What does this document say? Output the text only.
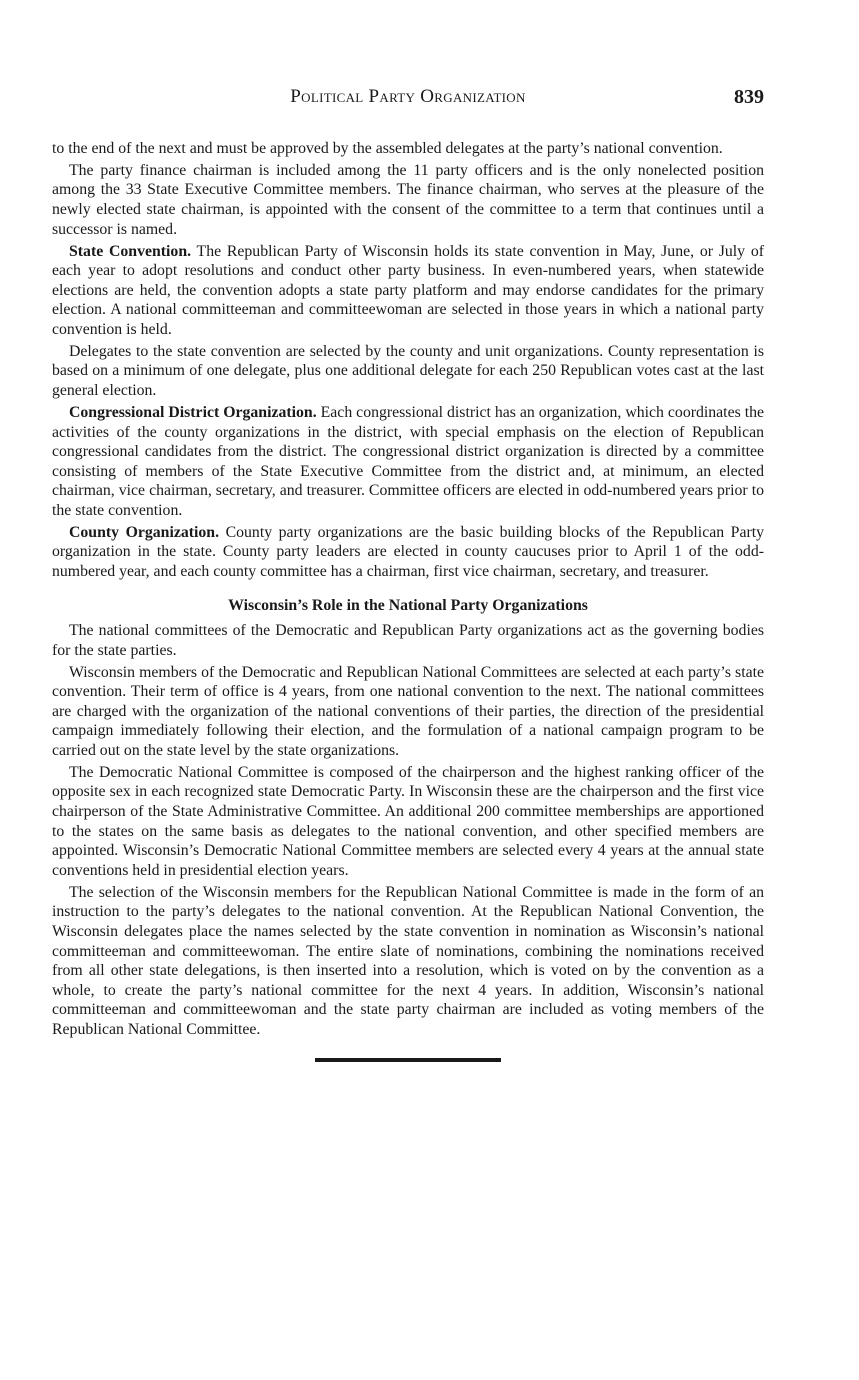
Political Party Organization	839

to the end of the next and must be approved by the assembled delegates at the party’s national convention.

The party finance chairman is included among the 11 party officers and is the only nonelected position among the 33 State Executive Committee members. The finance chairman, who serves at the pleasure of the newly elected state chairman, is appointed with the consent of the committee to a term that continues until a successor is named.

State Convention. The Republican Party of Wisconsin holds its state convention in May, June, or July of each year to adopt resolutions and conduct other party business. In even-numbered years, when statewide elections are held, the convention adopts a state party platform and may endorse candidates for the primary election. A national committeeman and committeewoman are selected in those years in which a national party convention is held.

Delegates to the state convention are selected by the county and unit organizations. County representation is based on a minimum of one delegate, plus one additional delegate for each 250 Republican votes cast at the last general election.

Congressional District Organization. Each congressional district has an organization, which coordinates the activities of the county organizations in the district, with special emphasis on the election of Republican congressional candidates from the district. The congressional district organization is directed by a committee consisting of members of the State Executive Committee from the district and, at minimum, an elected chairman, vice chairman, secretary, and treasurer. Committee officers are elected in odd-numbered years prior to the state convention.

County Organization. County party organizations are the basic building blocks of the Republican Party organization in the state. County party leaders are elected in county caucuses prior to April 1 of the odd-numbered year, and each county committee has a chairman, first vice chairman, secretary, and treasurer.

Wisconsin’s Role in the National Party Organizations

The national committees of the Democratic and Republican Party organizations act as the governing bodies for the state parties.

Wisconsin members of the Democratic and Republican National Committees are selected at each party’s state convention. Their term of office is 4 years, from one national convention to the next. The national committees are charged with the organization of the national conventions of their parties, the direction of the presidential campaign immediately following their election, and the formulation of a national campaign program to be carried out on the state level by the state organizations.

The Democratic National Committee is composed of the chairperson and the highest ranking officer of the opposite sex in each recognized state Democratic Party. In Wisconsin these are the chairperson and the first vice chairperson of the State Administrative Committee. An additional 200 committee memberships are apportioned to the states on the same basis as delegates to the national convention, and other specified members are appointed. Wisconsin’s Democratic National Committee members are selected every 4 years at the annual state conventions held in presidential election years.

The selection of the Wisconsin members for the Republican National Committee is made in the form of an instruction to the party’s delegates to the national convention. At the Republican National Convention, the Wisconsin delegates place the names selected by the state convention in nomination as Wisconsin’s national committeeman and committeewoman. The entire slate of nominations, combining the nominations received from all other state delegations, is then inserted into a resolution, which is voted on by the convention as a whole, to create the party’s national committee for the next 4 years. In addition, Wisconsin’s national committeeman and committeewoman and the state party chairman are included as voting members of the Republican National Committee.
